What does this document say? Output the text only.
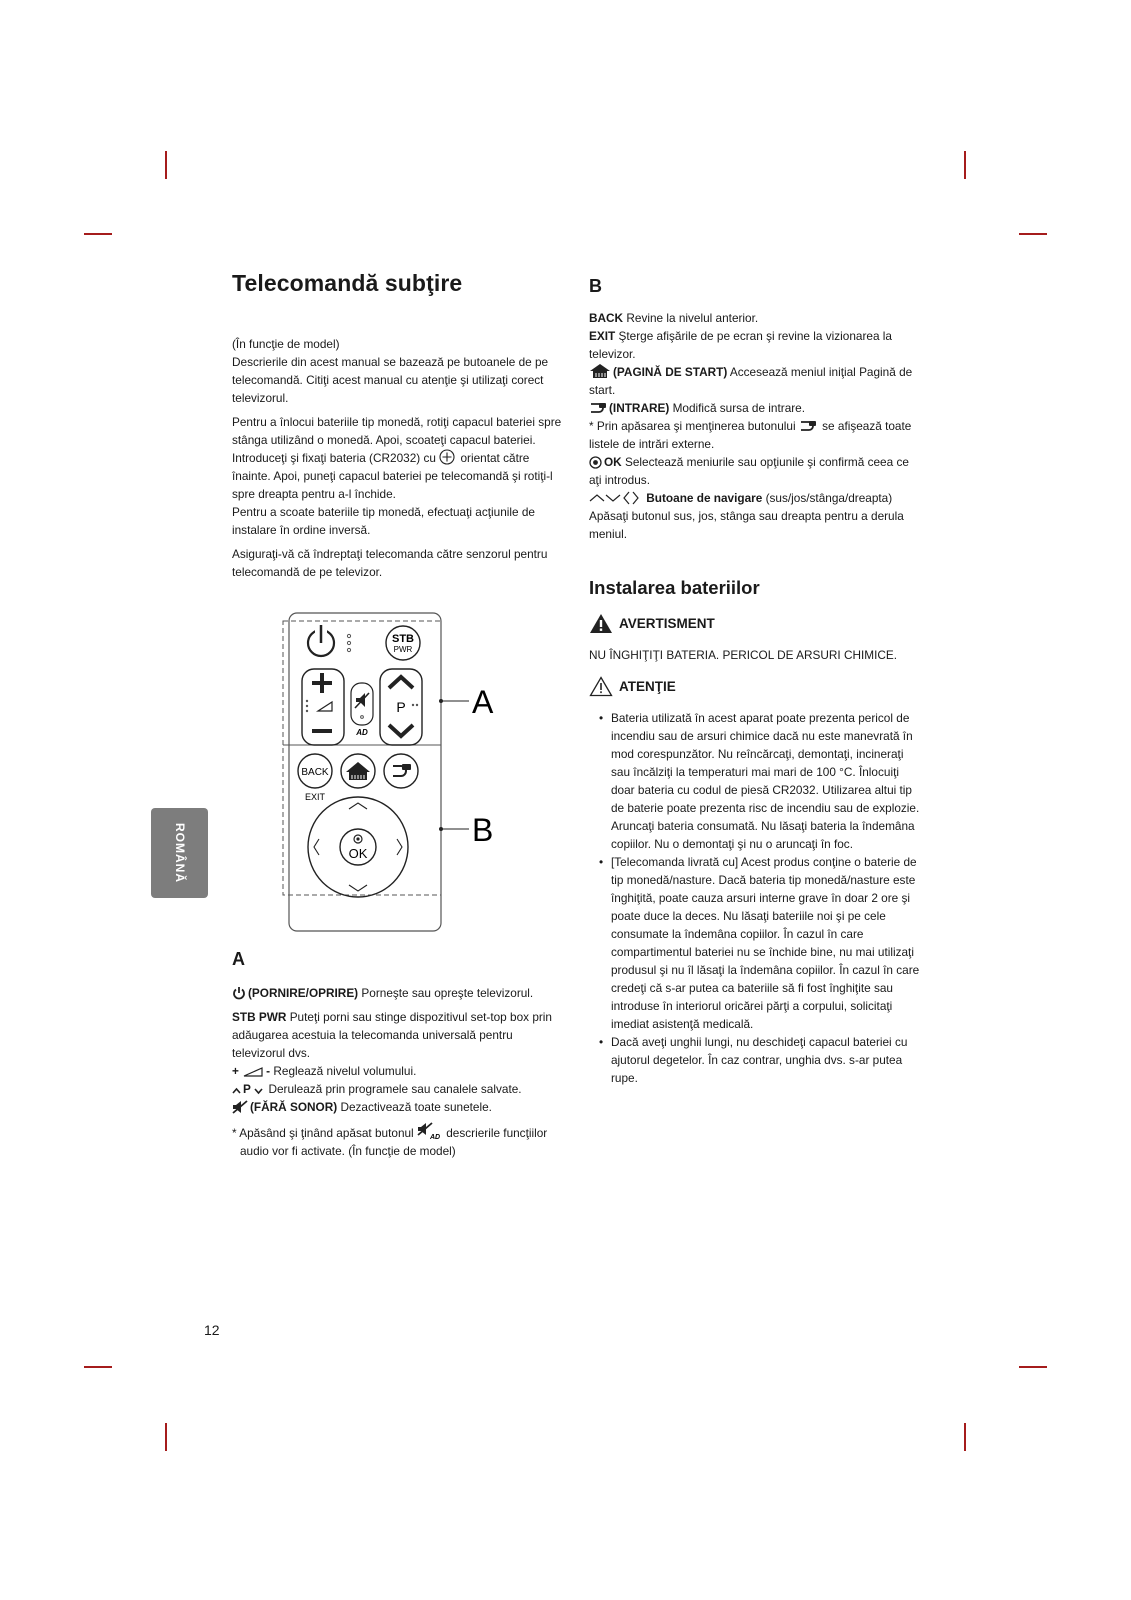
ROMÂNĂ
Telecomandă subţire

(În funcţie de model)

Descrierile din acest manual se bazează pe butoanele de pe telecomandă. Citiţi acest manual cu atenţie şi utilizaţi corect televizorul.

Pentru a înlocui bateriile tip monedă, rotiţi capacul bateriei spre stânga utilizând o monedă. Apoi, scoateţi capacul bateriei. Introduceţi şi fixaţi bateria (CR2032) cu orientat către înainte. Apoi, puneţi capacul bateriei pe telecomandă şi rotiţi-l spre dreapta pentru a-l închide.

Pentru a scoate bateriile tip monedă, efectuaţi acţiunile de instalare în ordine inversă.

Asiguraţi-vă că îndreptaţi telecomanda către senzorul pentru telecomandă de pe televizor.

STB
PWR
AD
P
BACK
EXIT
OK
A
B
A
(PORNIRE/OPRIRE) Porneşte sau opreşte televizorul.
STB PWR Puteţi porni sau stinge dispozitivul set-top box prin adăugarea acestuia la telecomanda universală pentru televizorul dvs.
+ - Reglează nivelul volumului.
P Derulează prin programele sau canalele salvate.
(FĂRĂ SONOR) Dezactivează toate sunetele.
* Apăsând şi ţinând apăsat butonul AD descrierile funcţiilor audio vor fi activate. (În funcţie de model)
B
BACK Revine la nivelul anterior.
EXIT Şterge afişările de pe ecran şi revine la vizionarea la televizor.
(PAGINĂ DE START) Accesează meniul iniţial Pagină de start.
(INTRARE) Modifică sursa de intrare.
* Prin apăsarea şi menţinerea butonului se afişează toate listele de intrări externe.
OK Selectează meniurile sau opţiunile şi confirmă ceea ce aţi introdus.
Butoane de navigare (sus/jos/stânga/dreapta)
Apăsaţi butonul sus, jos, stânga sau dreapta pentru a derula meniul.
Instalarea bateriilor
AVERTISMENT

NU ÎNGHIŢIŢI BATERIA. PERICOL DE ARSURI CHIMICE.

ATENŢIE
• Bateria utilizată în acest aparat poate prezenta pericol de incendiu sau de arsuri chimice dacă nu este manevrată în mod corespunzător. Nu reîncărcaţi, demontaţi, incineraţi sau încălziţi la temperaturi mai mari de 100 °C. Înlocuiţi doar bateria cu codul de piesă CR2032. Utilizarea altui tip de baterie poate prezenta risc de incendiu sau de explozie. Aruncaţi bateria consumată. Nu lăsaţi bateria la îndemâna copiilor. Nu o demontaţi şi nu o aruncaţi în foc.
• [Telecomanda livrată cu] Acest produs conţine o baterie de tip monedă/nasture. Dacă bateria tip monedă/nasture este înghiţită, poate cauza arsuri interne grave în doar 2 ore şi poate duce la deces. Nu lăsaţi bateriile noi şi pe cele consumate la îndemâna copiilor. În cazul în care compartimentul bateriei nu se închide bine, nu mai utilizaţi produsul şi nu îl lăsaţi la îndemâna copiilor. În cazul în care credeţi că s-ar putea ca bateriile să fi fost înghiţite sau introduse în interiorul oricărei părţi a corpului, solicitaţi imediat asistenţă medicală.
• Dacă aveţi unghii lungi, nu deschideţi capacul bateriei cu ajutorul degetelor. În caz contrar, unghia dvs. s-ar putea rupe.
12
